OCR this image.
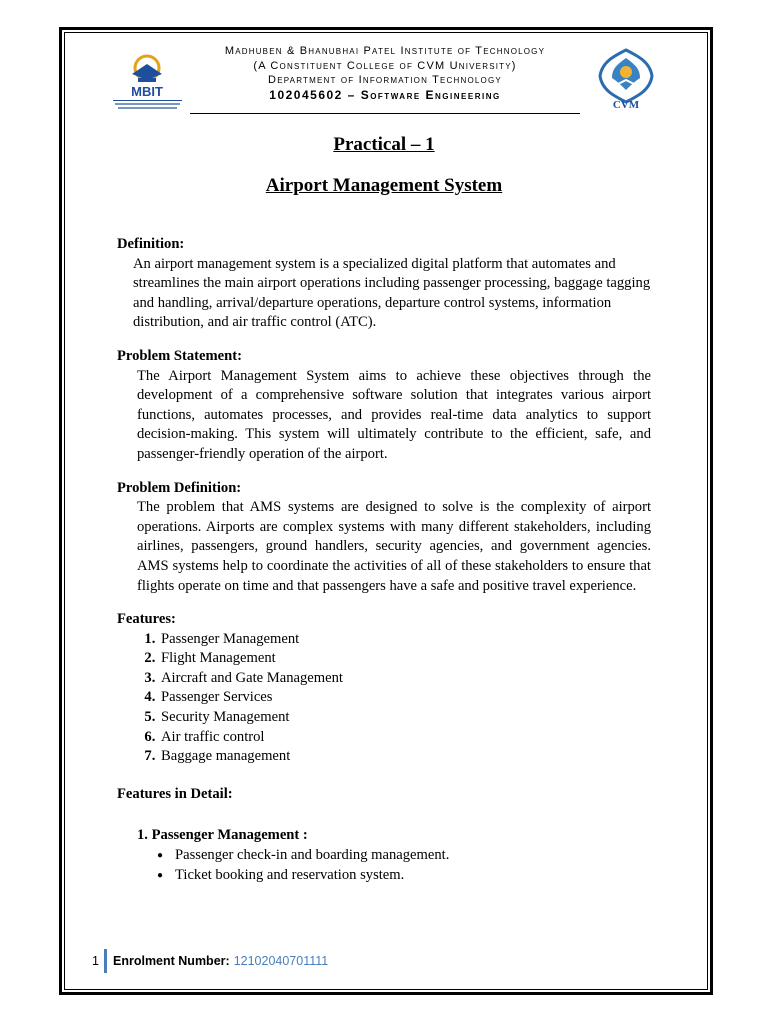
MBIT
Madhuben & Bhanubhai Patel Institute of Technology
(A Constituent College of CVM University)
Department of Information Technology
102045602 – Software Engineering
CVM
Practical – 1
Airport Management System
Definition:
An airport management system is a specialized digital platform that automates and streamlines the main airport operations including passenger processing, baggage tagging and handling, arrival/departure operations, departure control systems, information distribution, and air traffic control (ATC).
Problem Statement:
The Airport Management System aims to achieve these objectives through the development of a comprehensive software solution that integrates various airport functions, automates processes, and provides real-time data analytics to support decision-making. This system will ultimately contribute to the efficient, safe, and passenger-friendly operation of the airport.
Problem Definition:
The problem that AMS systems are designed to solve is the complexity of airport operations. Airports are complex systems with many different stakeholders, including airlines, passengers, ground handlers, security agencies, and government agencies. AMS systems help to coordinate the activities of all of these stakeholders to ensure that flights operate on time and that passengers have a safe and positive travel experience.
Features:
1. Passenger Management
2. Flight Management
3. Aircraft and Gate Management
4. Passenger Services
5. Security Management
6. Air traffic control
7. Baggage management
Features in Detail:
1. Passenger Management :
● Passenger check-in and boarding management.
● Ticket booking and reservation system.
1 Enrolment Number: 12102040701111
